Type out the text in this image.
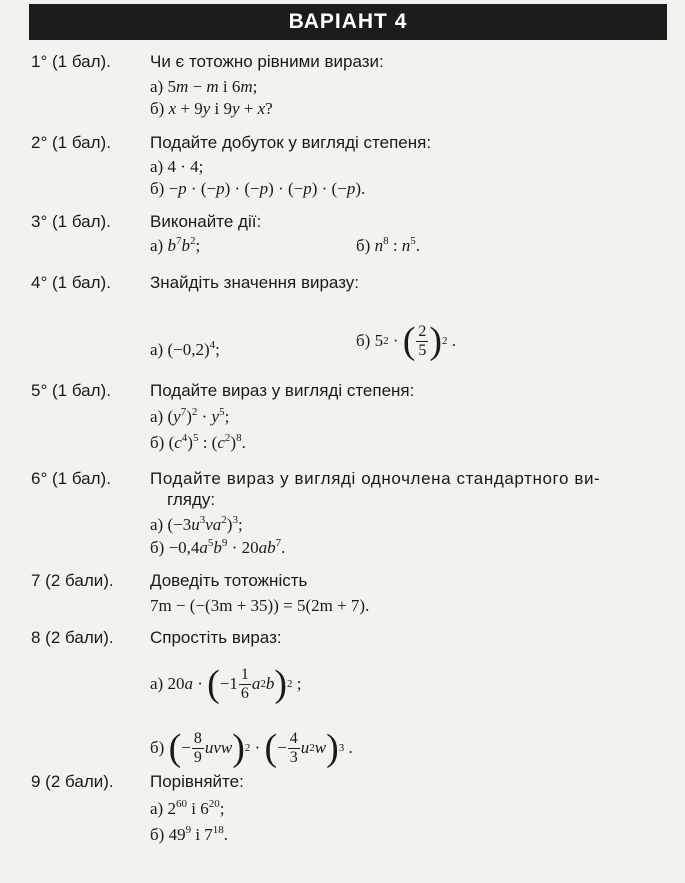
ВАРІАНТ 4
1° (1 бал). Чи є тотожно рівними вирази:
а) 5m − m і 6m;
б) x + 9y і 9y + x?
2° (1 бал). Подайте добуток у вигляді степеня:
а) 4 · 4;
б) −p · (−p) · (−p) · (−p) · (−p).
3° (1 бал). Виконайте дії:
а) $b^7b^2$;	б) $n^8$ : $n^5$.
4° (1 бал). Знайдіть значення виразу:
а) $(-0,2)^4$;	б) 5 2 · ( $\frac{2}{5}$ ) 2 .
5° (1 бал). Подайте вираз у вигляді степеня:
а) $(y^7)^2 \cdot y^5$;
б) $(c^4)^5$ : $(c^2)^8$.
6° (1 бал). Подайте вираз у вигляді одночлена стандартного ви-
гляду:
а) $(-3u^3va^2)^3$;
$б) -0,4a^5b^9 \cdot 20ab^7$.
7 (2 бали). Доведіть тотожність
7m − (−(3m + 35)) = 5(2m + 7).
8 (2 бали). Спростіть вираз:
а) 20 a · ( $-1 \frac{1}{6}$ a 2 b ) 2 ;
б)
( − $\frac{8}{9}$ uvw ) 2 · ( − $\frac{4}{3}$ u 2 w ) 3 .
9 (2 бали). Порівняйте:
а) $2^{60}$ і $6^{20}$;
б) $49^9$ і $7^{18}$.
